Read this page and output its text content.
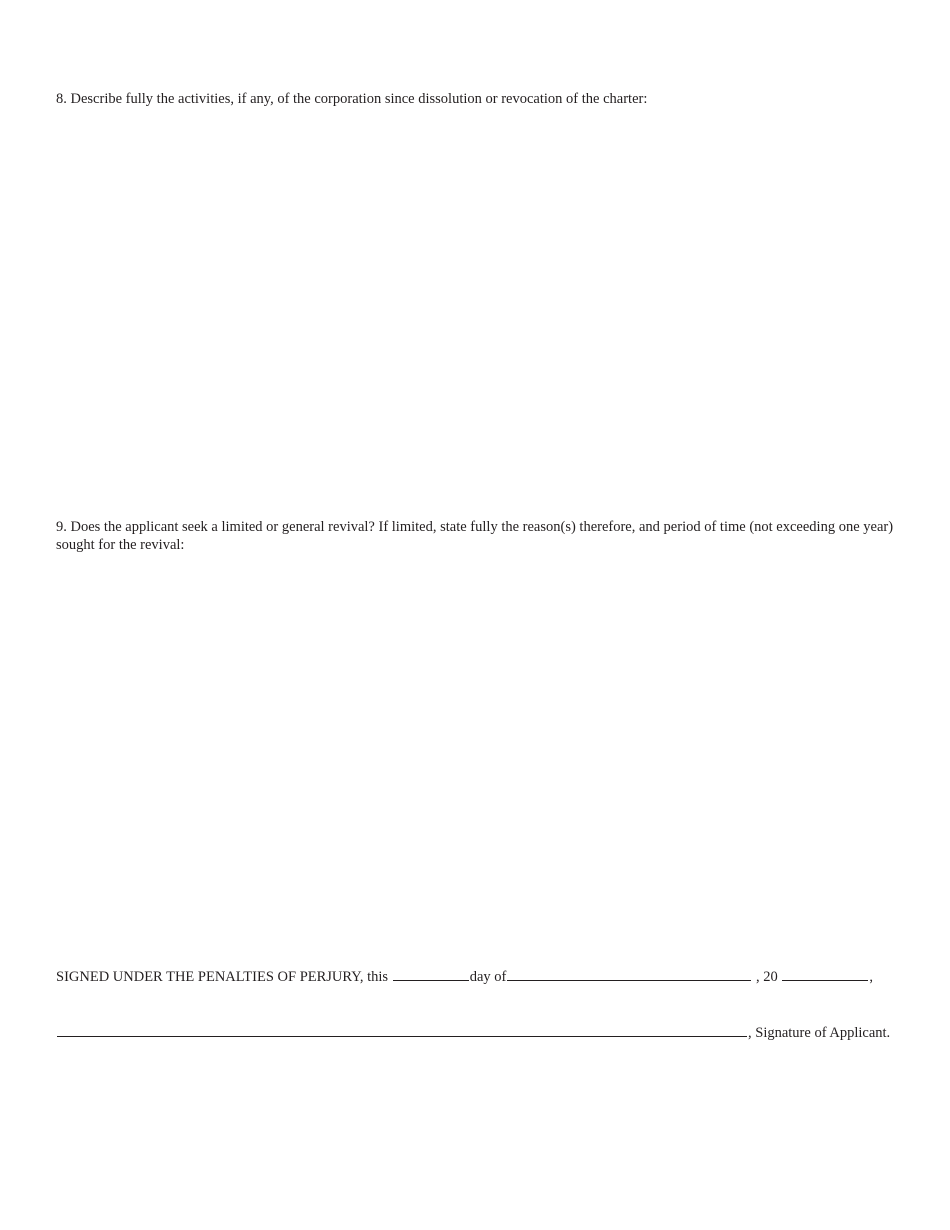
8. Describe fully the activities, if any, of the corporation since dissolution or revocation of the charter:

9. Does the applicant seek a limited or general revival? If limited, state fully the reason(s) therefore, and period of time (not exceeding one year) sought for the revival:

SIGNED UNDER THE PENALTIES OF PERJURY, this
	day of
	, 20
	,
, Signature of Applicant.
